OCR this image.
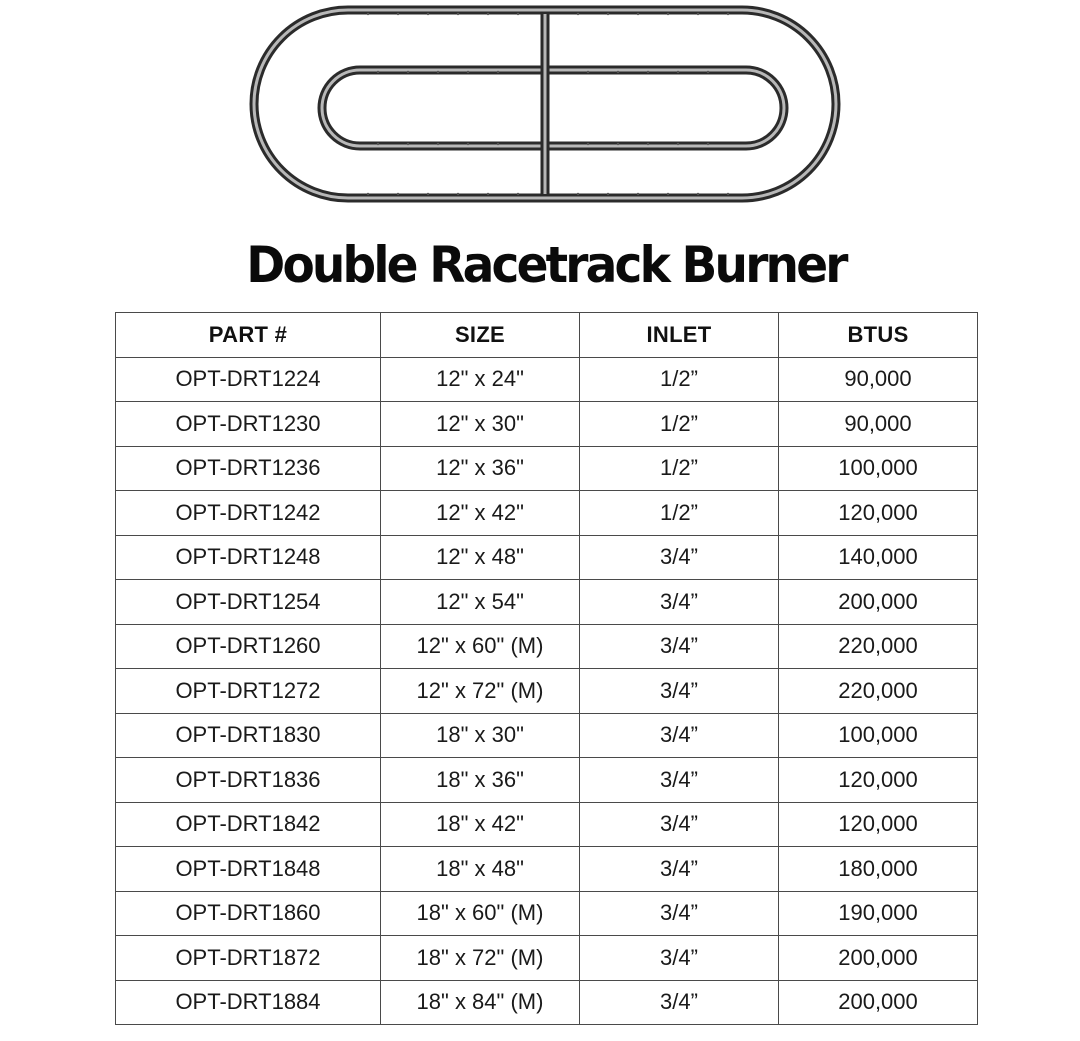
Double Racetrack Burner
PART #	SIZE	INLET	BTUS
OPT-DRT1224	12" x 24"	1/2”	90,000
OPT-DRT1230	12" x 30"	1/2”	90,000
OPT-DRT1236	12" x 36"	1/2”	100,000
OPT-DRT1242	12" x 42"	1/2”	120,000
OPT-DRT1248	12" x 48"	3/4”	140,000
OPT-DRT1254	12" x 54"	3/4”	200,000
OPT-DRT1260	12" x 60" (M)	3/4”	220,000
OPT-DRT1272	12" x 72" (M)	3/4”	220,000
OPT-DRT1830	18" x 30"	3/4”	100,000
OPT-DRT1836	18" x 36"	3/4”	120,000
OPT-DRT1842	18" x 42"	3/4”	120,000
OPT-DRT1848	18" x 48"	3/4”	180,000
OPT-DRT1860	18" x 60" (M)	3/4”	190,000
OPT-DRT1872	18" x 72" (M)	3/4”	200,000
OPT-DRT1884	18" x 84" (M)	3/4”	200,000
